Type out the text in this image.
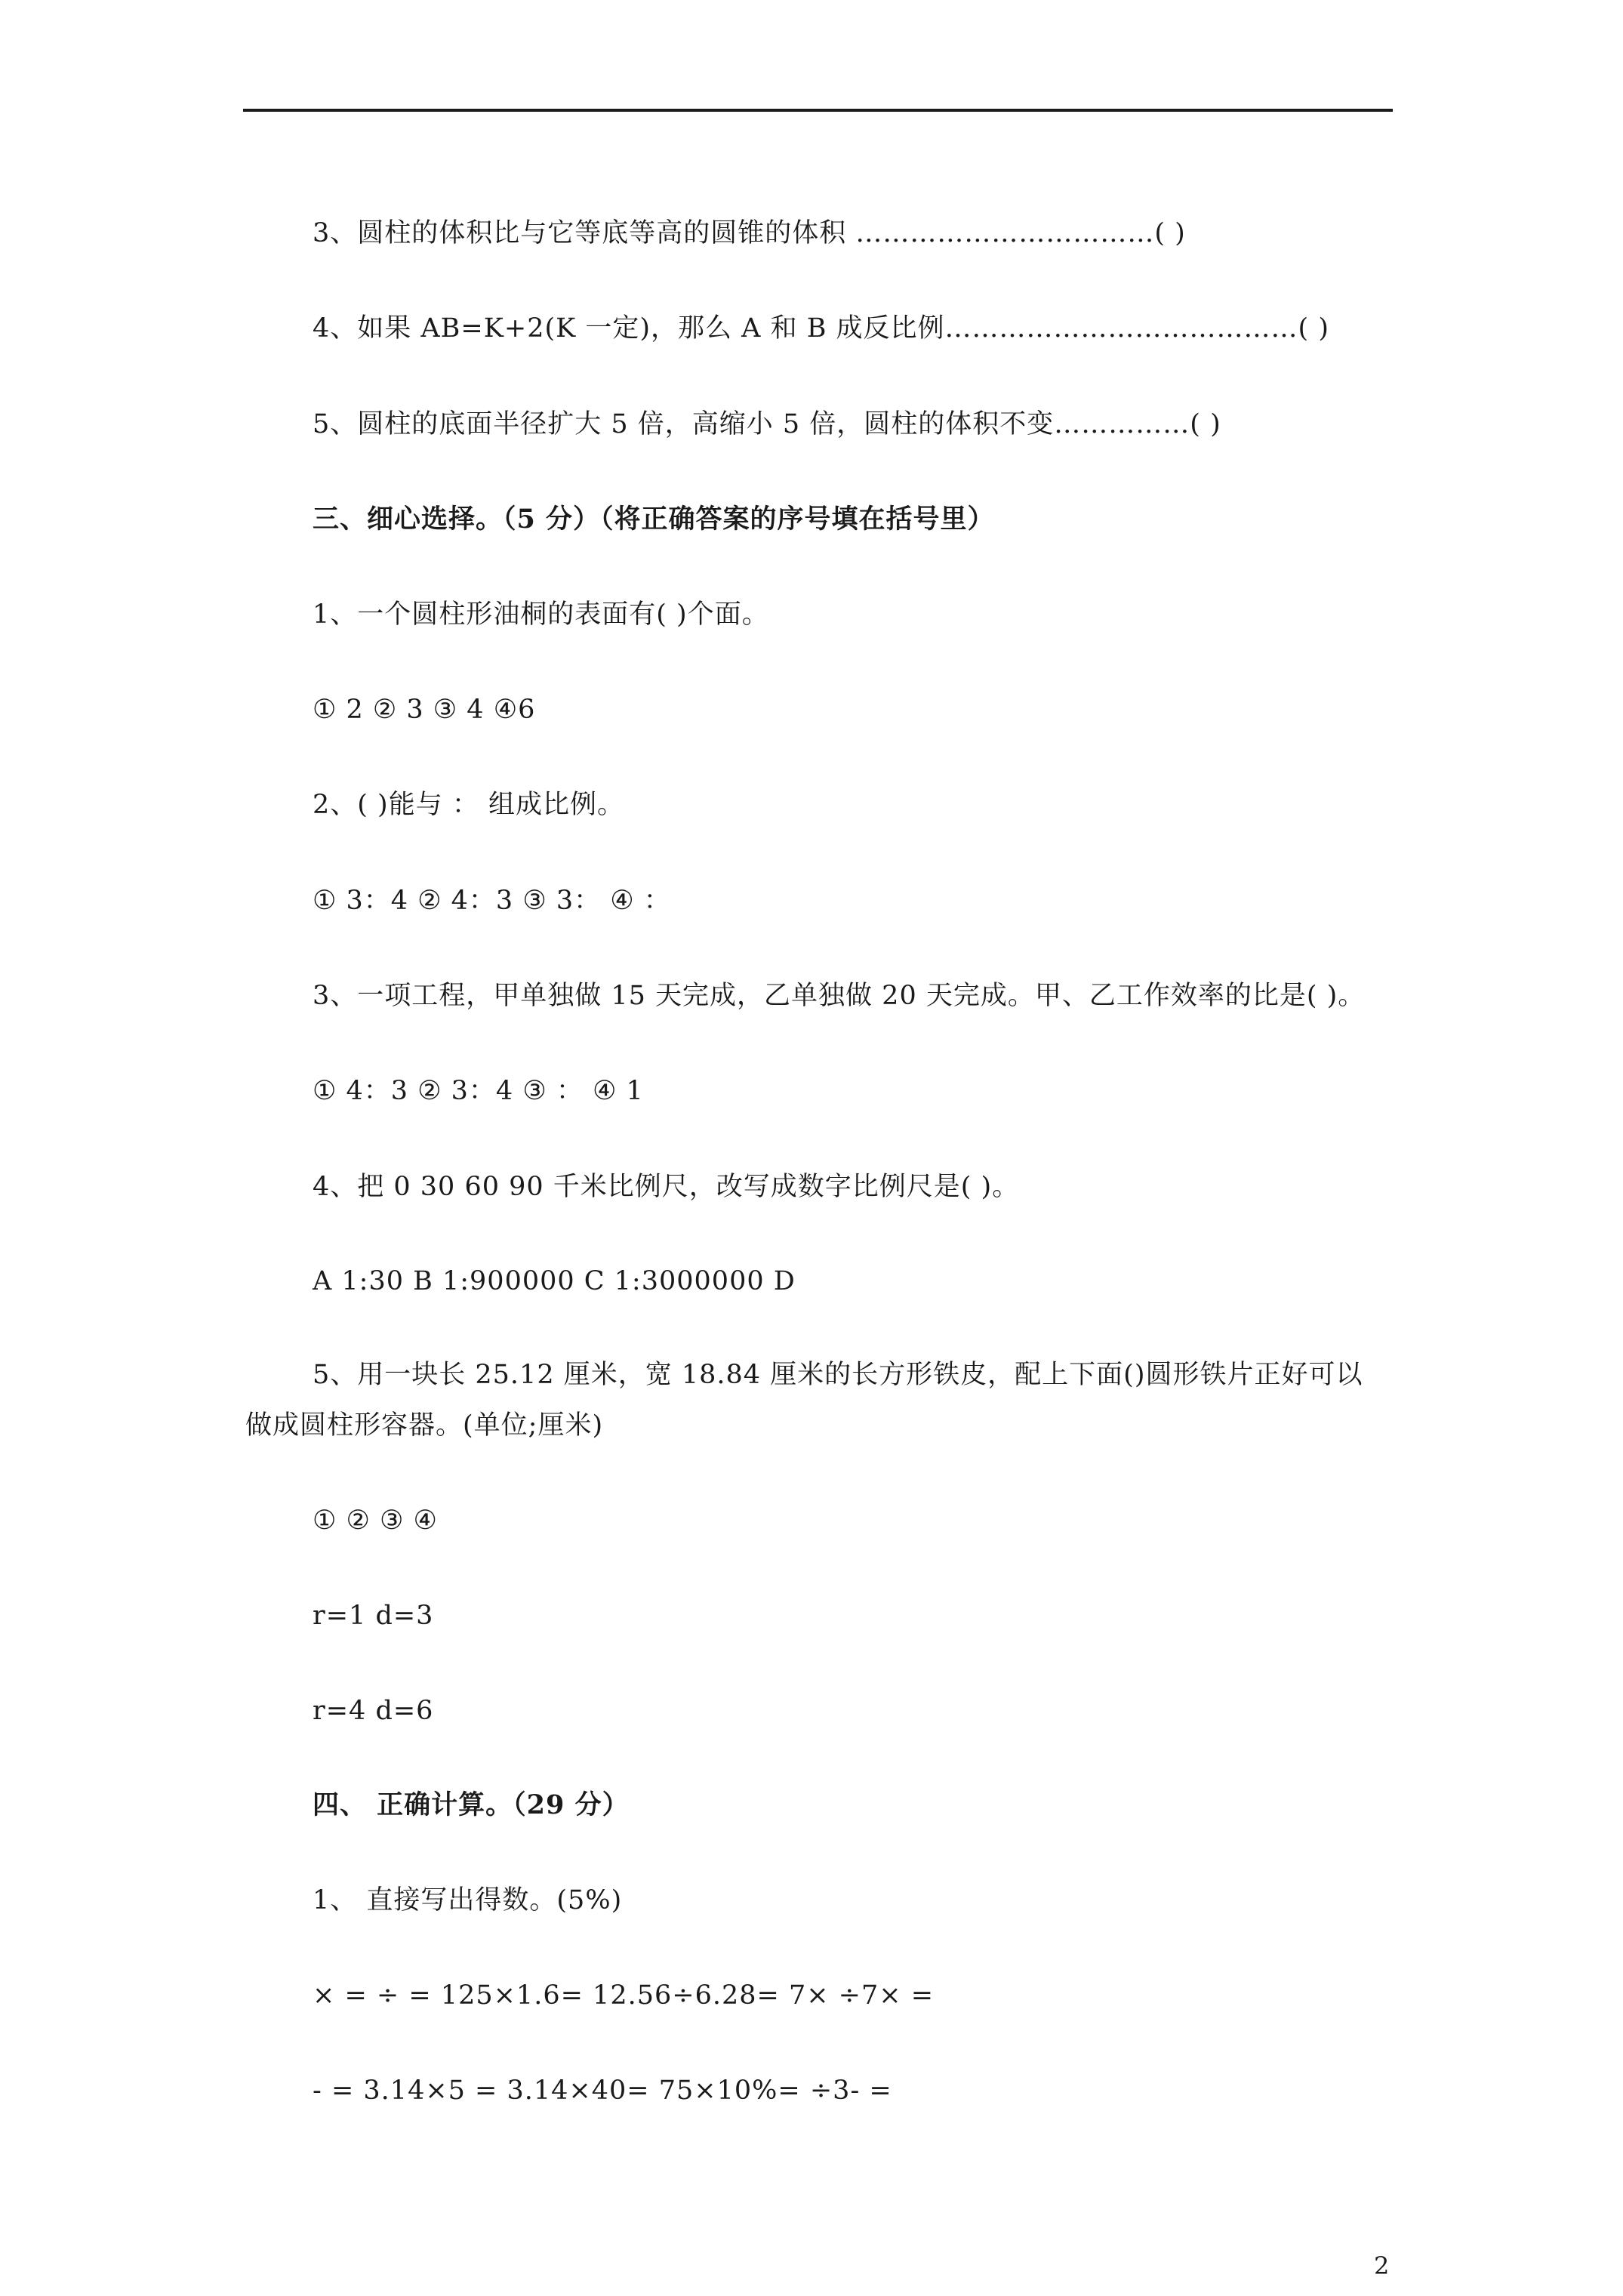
3、圆柱的体积比与它等底等高的圆锥的体积 ……………………………( )
4、如果 AB=K+2(K 一定)，那么 A 和 B 成反比例…………………………………( )
5、圆柱的底面半径扩大 5 倍，高缩小 5 倍，圆柱的体积不变……………( )
三、细心选择。（5 分）（将正确答案的序号填在括号里）
1、一个圆柱形油桐的表面有( )个面。
① 2 ② 3 ③ 4 ④6
2、( )能与 ： 组成比例。
① 3：4 ② 4：3 ③ 3： ④ ：
3、一项工程，甲单独做 15 天完成，乙单独做 20 天完成。甲、乙工作效率的比是( )。
① 4：3 ② 3：4 ③ ： ④ 1
4、把 0 30 60 90 千米比例尺，改写成数字比例尺是( )。
A 1:30 B 1:900000 C 1:3000000 D
5、用一块长 25.12 厘米，宽 18.84 厘米的长方形铁皮，配上下面()圆形铁片正好可以
做成圆柱形容器。(单位;厘米)
① ② ③ ④
r=1 d=3
r=4 d=6
四、 正确计算。（29 分）
1、 直接写出得数。(5%)
× = ÷ = 125×1.6= 12.56÷6.28= 7× ÷7× =
- = 3.14×5 = 3.14×40= 75×10%= ÷3- =
2
